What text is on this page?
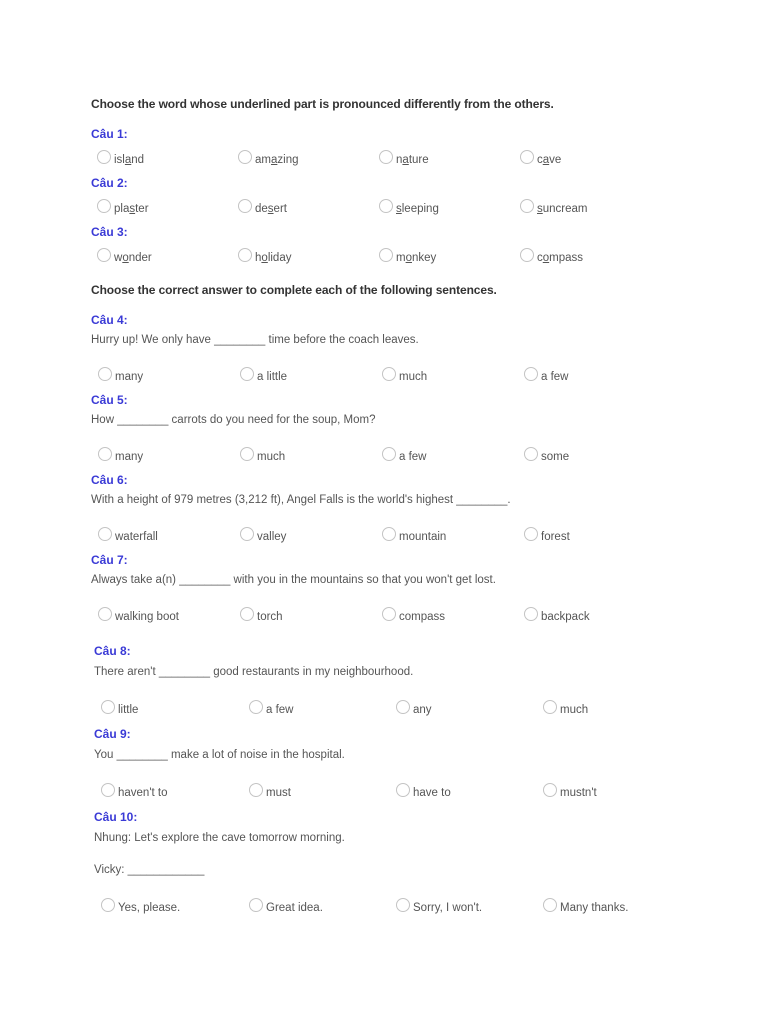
Choose the word whose underlined part is pronounced differently from the others.
Câu 1:
island	amazing	nature	cave
Câu 2:
plaster	desert	sleeping	suncream
Câu 3:
wonder	holiday	monkey	compass
Choose the correct answer to complete each of the following sentences.
Câu 4:
Hurry up! We only have ________ time before the coach leaves.
many	a little	much	a few
Câu 5:
How ________ carrots do you need for the soup, Mom?
many	much	a few	some
Câu 6:
With a height of 979 metres (3,212 ft), Angel Falls is the world's highest ________.
waterfall	valley	mountain	forest
Câu 7:
Always take a(n) ________ with you in the mountains so that you won't get lost.
walking boot	torch	compass	backpack
Câu 8:
There aren't ________ good restaurants in my neighbourhood.
little	a few	any	much
Câu 9:
You ________ make a lot of noise in the hospital.
haven't to	must	have to	mustn't
Câu 10:
Nhung: Let's explore the cave tomorrow morning.
Vicky: ____________
Yes, please.	Great idea.	Sorry, I won't.	Many thanks.
